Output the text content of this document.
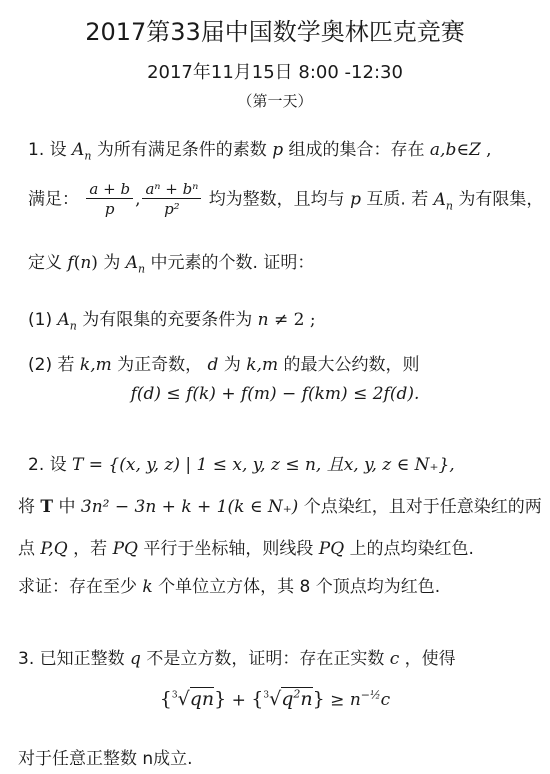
2017第33届中国数学奥林匹克竞赛
2017年11月15日 8:00 -12:30
（第一天）
1. 设 $A_n$ 为所有满足条件的素数 p 组成的集合：存在 a,b∈Z ,
满足： $\frac{a + b}{p}$ , $\frac{\text{aⁿ + bⁿ}}{\text{p²}}$ 均为整数，且均与 p 互质. 若 $A_n$ 为有限集，
定义 f(n) 为 $A_n$ 中元素的个数. 证明：
(1) $A_n$ 为有限集的充要条件为 n ≠ 2 ;
(2) 若 k,m 为正奇数， d 为 k,m 的最大公约数，则
f(d) ≤ f(k) + f(m) − f(km) ≤ 2f(d).
2. 设 T = {(x, y, z) | 1 ≤ x, y, z ≤ n, 且x, y, z ∈ N₊},
将 T 中 3n² − 3n + k + 1(k ∈ N₊) 个点染红，且对于任意染红的两
点 P,Q ，若 PQ 平行于坐标轴，则线段 PQ 上的点均染红色.
求证：存在至少 k 个单位立方体，其 8 个顶点均为红色.
3. 已知正整数 q 不是立方数，证明：存在正实数 c ，使得
$\{^3√qn\} + \{^3√q^2n\} \ge n^{-\frac{1}{2}}c$
对于任意正整数 n成立.
